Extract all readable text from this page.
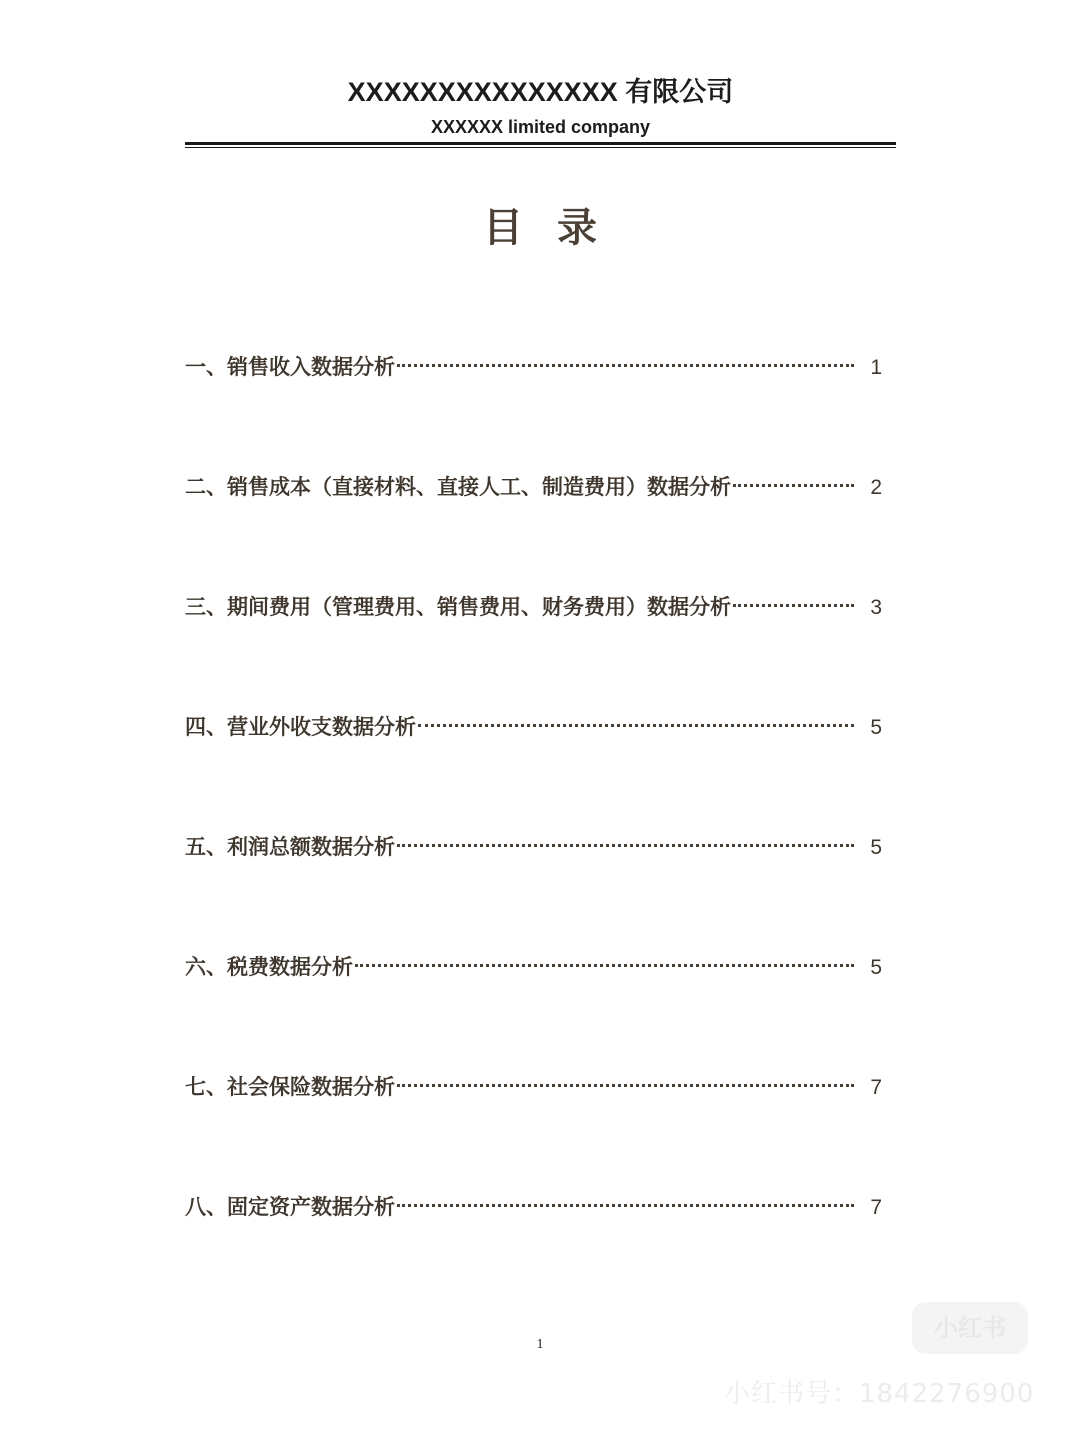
XXXXXXXXXXXXXXX 有限公司
XXXXXX limited company
目录
一、销售收入数据分析	1
二、销售成本（直接材料、直接人工、制造费用）数据分析	2
三、期间费用（管理费用、销售费用、财务费用）数据分析	3
四、营业外收支数据分析	5
五、利润总额数据分析	5
六、税费数据分析	5
七、社会保险数据分析	7
八、固定资产数据分析	7
1
小红书
小红书号：1842276900
